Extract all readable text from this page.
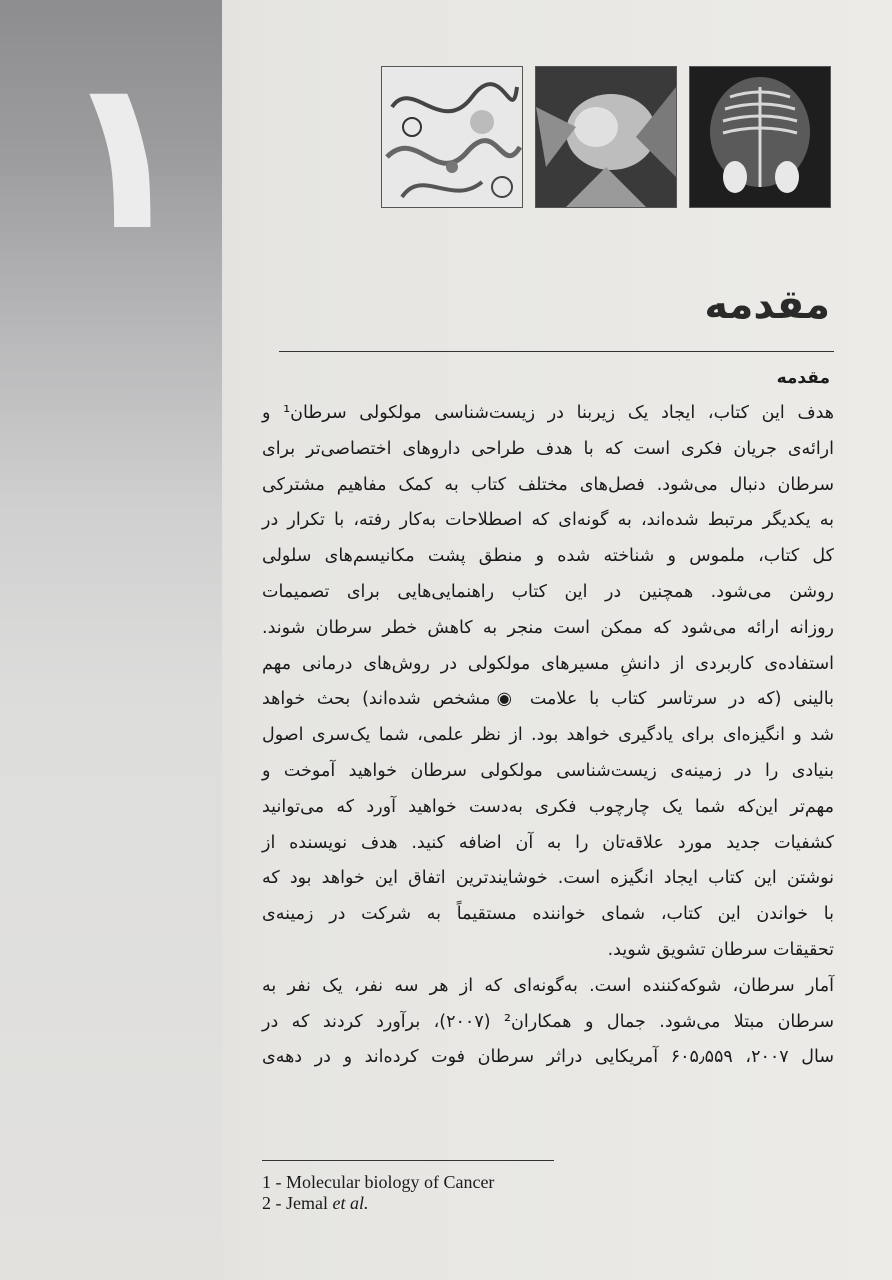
۱
مقدمه
مقدمه
هدف این کتاب، ایجاد یک زیربنا در زیست‌شناسی مولکولی سرطان¹ و
ارائه‌ی جریان فکری است که با هدف طراحی داروهای اختصاصی‌تر برای
سرطان دنبال می‌شود. فصل‌های مختلف کتاب به کمک مفاهیم مشترکی
به یکدیگر مرتبط شده‌اند، به گونه‌ای که اصطلاحات به‌کار رفته، با تکرار در
کل کتاب، ملموس و شناخته شده و منطق پشت مکانیسم‌های سلولی
روشن می‌شود. همچنین در این کتاب راهنمایی‌هایی برای تصمیمات
روزانه ارائه می‌شود که ممکن است منجر به کاهش خطر سرطان شوند.
استفاده‌ی کاربردی از دانشِ مسیرهای مولکولی در روش‌های درمانی مهم
بالینی (که در سرتاسر کتاب با علامت ◉مشخص شده‌اند) بحث خواهد
شد و انگیزه‌ای برای یادگیری خواهد بود. از نظر علمی، شما یک‌سری اصول
بنیادی را در زمینه‌ی زیست‌شناسی مولکولی سرطان خواهید آموخت و
مهم‌تر این‌که شما یک چارچوب فکری به‌دست خواهید آورد که می‌توانید
کشفیات جدید مورد علاقه‌تان را به آن اضافه کنید. هدف نویسنده از
نوشتن این کتاب ایجاد انگیزه است. خوشایندترین اتفاق این خواهد بود که
با خواندن این کتاب، شمای خواننده مستقیماً به شرکت در زمینه‌ی
تحقیقات سرطان تشویق شوید.
آمار سرطان، شوکه‌کننده است. به‌گونه‌ای که از هر سه نفر، یک نفر به
سرطان مبتلا می‌شود. جمال و همکاران² (۲۰۰۷)، برآورد کردند که در
سال ۲۰۰۷، ۶۰۵٫۵۵۹ آمریکایی دراثر سرطان فوت کرده‌اند و در دهه‌ی
1 - Molecular biology of Cancer
2 - Jemal et al.
